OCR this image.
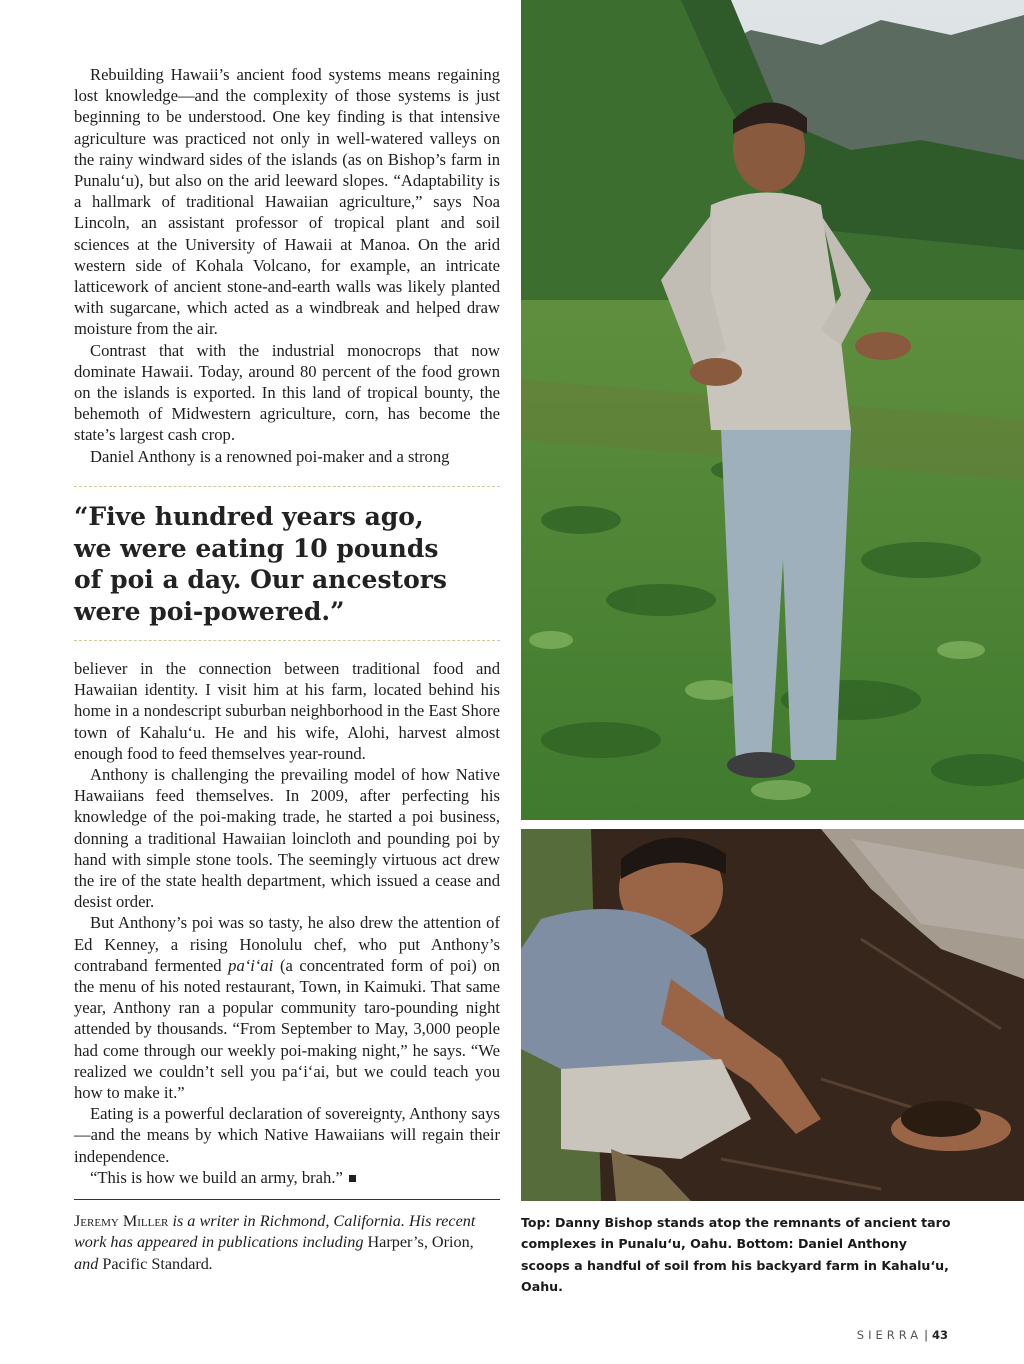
Rebuilding Hawaii’s ancient food systems means regaining lost knowledge—and the complexity of those systems is just beginning to be understood. One key finding is that intensive agriculture was practiced not only in well-watered valleys on the rainy windward sides of the islands (as on Bishop’s farm in Punalu‘u), but also on the arid leeward slopes. “Adaptability is a hallmark of traditional Hawaiian agriculture,” says Noa Lincoln, an assistant professor of tropical plant and soil sciences at the University of Hawaii at Manoa. On the arid western side of Kohala Volcano, for example, an intricate latticework of ancient stone-and-earth walls was likely planted with sugarcane, which acted as a windbreak and helped draw moisture from the air.

Contrast that with the industrial monocrops that now dominate Hawaii. Today, around 80 percent of the food grown on the islands is exported. In this land of tropical bounty, the behemoth of Midwestern agriculture, corn, has become the state’s largest cash crop.

Daniel Anthony is a renowned poi-maker and a strong

“Five hundred years ago,
we were eating 10 pounds
of poi a day. Our ancestors
were poi-powered.”

believer in the connection between traditional food and Hawaiian identity. I visit him at his farm, located behind his home in a nondescript suburban neighborhood in the East Shore town of Kahalu‘u. He and his wife, Alohi, harvest almost enough food to feed themselves year-round.

Anthony is challenging the prevailing model of how Native Hawaiians feed themselves. In 2009, after perfecting his knowledge of the poi-making trade, he started a poi business, donning a traditional Hawaiian loincloth and pounding poi by hand with simple stone tools. The seemingly virtuous act drew the ire of the state health department, which issued a cease and desist order.

But Anthony’s poi was so tasty, he also drew the attention of Ed Kenney, a rising Honolulu chef, who put Anthony’s contraband fermented pa‘i‘ai (a concentrated form of poi) on the menu of his noted restaurant, Town, in Kaimuki. That same year, Anthony ran a popular community taro-pounding night attended by thousands. “From September to May, 3,000 people had come through our weekly poi-making night,” he says. “We realized we couldn’t sell you pa‘i‘ai, but we could teach you how to make it.”

Eating is a powerful declaration of sovereignty, Anthony says—and the means by which Native Hawaiians will regain their independence.

“This is how we build an army, brah.”

Jeremy Miller is a writer in Richmond, California. His recent work has appeared in publications including Harper’s, Orion, and Pacific Standard.
Top: Danny Bishop stands atop the remnants of ancient taro complexes in Punalu‘u, Oahu. Bottom: Daniel Anthony scoops a handful of soil from his backyard farm in Kahalu‘u, Oahu.
SIERRA | 43
